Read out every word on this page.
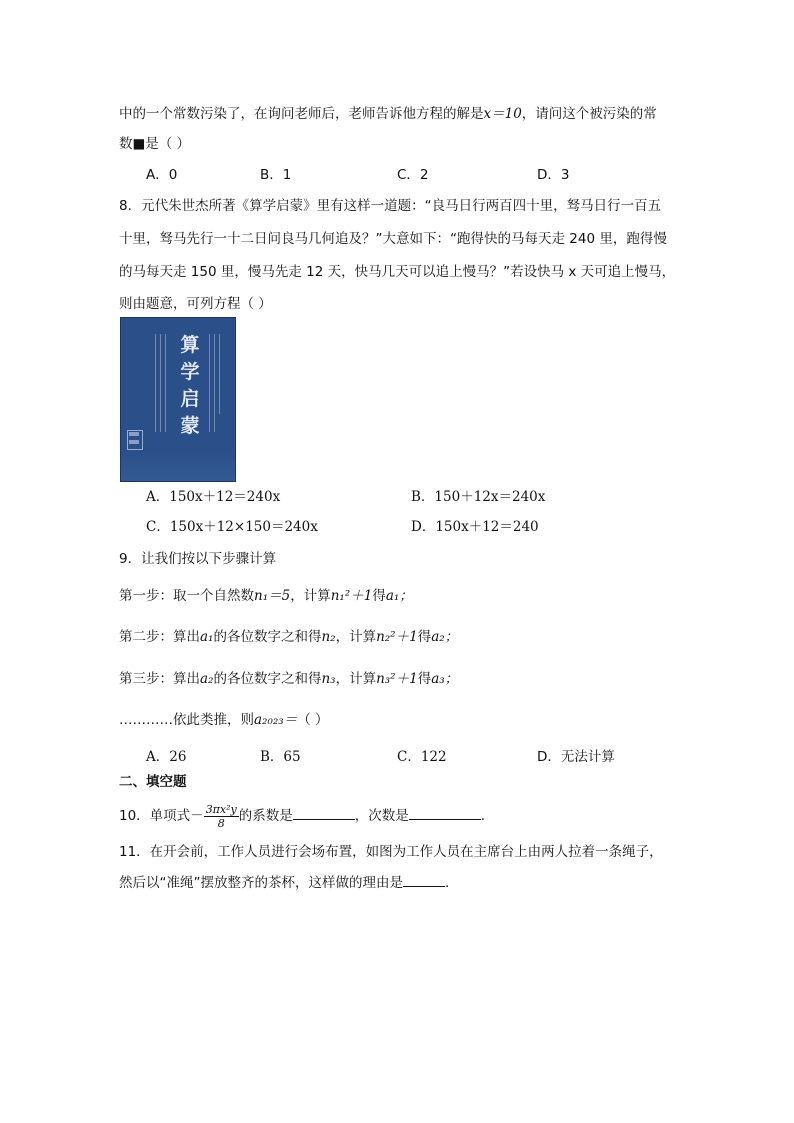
中的一个常数污染了，在询问老师后，老师告诉他方程的解是x＝10，请问这个被污染的常
数■是（ ）
A．0	B．1	C．2	D．3
8．元代朱世杰所著《算学启蒙》里有这样一道题：“良马日行两百四十里，驽马日行一百五
十里，驽马先行一十二日问良马几何追及？”大意如下：“跑得快的马每天走 240 里，跑得慢
的马每天走 150 里，慢马先走 12 天，快马几天可以追上慢马？”若设快马 x 天可追上慢马，
则由题意，可列方程（ ）
算
学
启
蒙
A．150x＋12＝240x	B．150＋12x＝240x
C．150x＋12×150＝240x	D．150x＋12＝240
9．让我们按以下步骤计算
第一步：取一个自然数n₁＝5，计算n₁²＋1得a₁；
第二步：算出a₁的各位数字之和得n₂，计算n₂²＋1得a₂；
第三步：算出a₂的各位数字之和得n₃，计算n₃²＋1得a₃；
…………依此类推，则a₂₀₂₃＝（ ）
A．26	B．65	C．122	D．无法计算
二、填空题
10．单项式－ $\frac{\text{3πx²y}}{8}$ 的系数是	，次数是	.
11．在开会前，工作人员进行会场布置，如图为工作人员在主席台上由两人拉着一条绳子，
然后以“准绳”摆放整齐的茶杯，这样做的理由是	.
